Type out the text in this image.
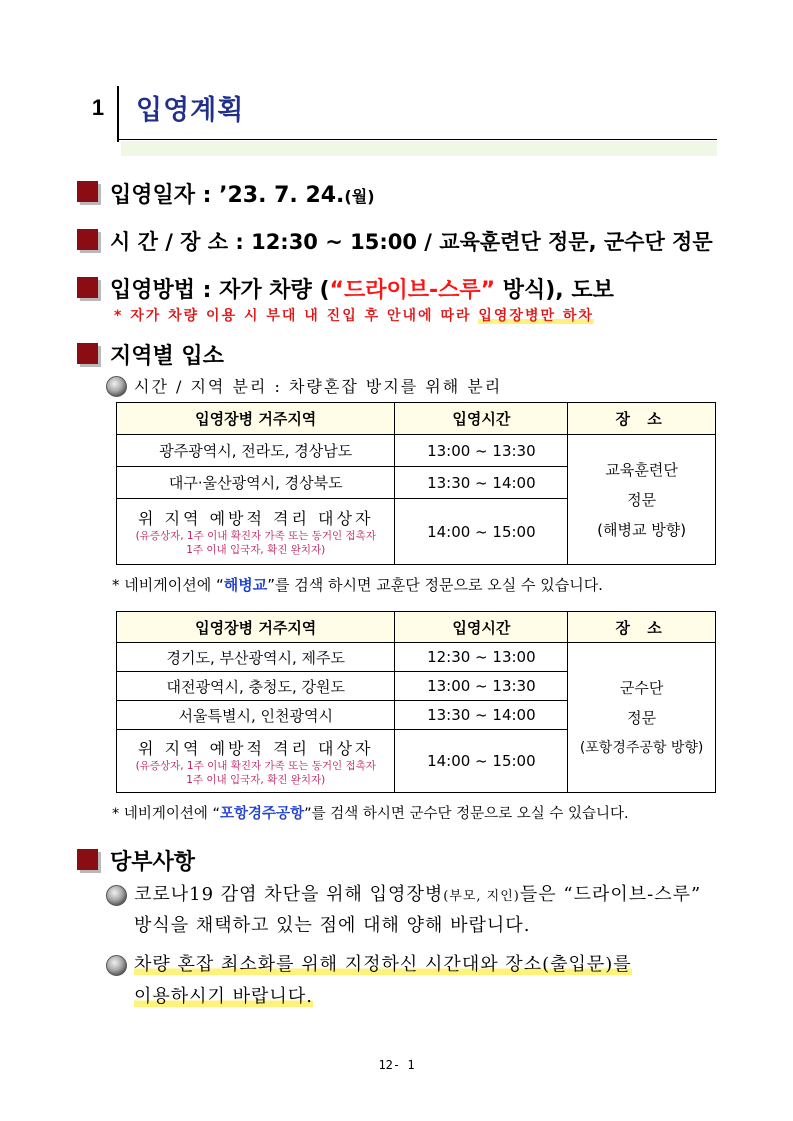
1	입영계획
입영일자 : ’23. 7. 24.(월)
시 간 / 장 소 : 12:30 ~ 15:00 / 교육훈련단 정문, 군수단 정문
입영방법 : 자가 차량 (“드라이브-스루” 방식), 도보
* 자가 차량 이용 시 부대 내 진입 후 안내에 따라 입영장병만 하차
지역별 입소
시간 / 지역 분리 : 차량혼잡 방지를 위해 분리
입영장병 거주지역	입영시간	장 소
광주광역시, 전라도, 경상남도	13:00 ~ 13:30	교육훈련단
정문
(해병교 방향)

대구·울산광역시, 경상북도	13:30 ~ 14:00	

위 지역 예방적 격리 대상자
(유증상자, 1주 이내 확진자 가족 또는 동거인 접촉자
1주 이내 입국자, 확진 완치자)	14:00 ~ 15:00	
* 네비게이션에 “해병교”를 검색 하시면 교훈단 정문으로 오실 수 있습니다.
입영장병 거주지역	입영시간	장 소
경기도, 부산광역시, 제주도	12:30 ~ 13:00	군수단
정문
(포항경주공항 방향)

대전광역시, 충청도, 강원도	13:00 ~ 13:30	
서울특별시, 인천광역시	13:30 ~ 14:00	

위 지역 예방적 격리 대상자
(유증상자, 1주 이내 확진자 가족 또는 동거인 접촉자
1주 이내 입국자, 확진 완치자)	14:00 ~ 15:00	
* 네비게이션에 “포항경주공항”를 검색 하시면 군수단 정문으로 오실 수 있습니다.
당부사항
코로나19 감염 차단을 위해 입영장병(부모, 지인)들은 “드라이브-스루”
방식을 채택하고 있는 점에 대해 양해 바랍니다.
차량 혼잡 최소화를 위해 지정하신 시간대와 장소(출입문)를
이용하시기 바랍니다.
12- 1
